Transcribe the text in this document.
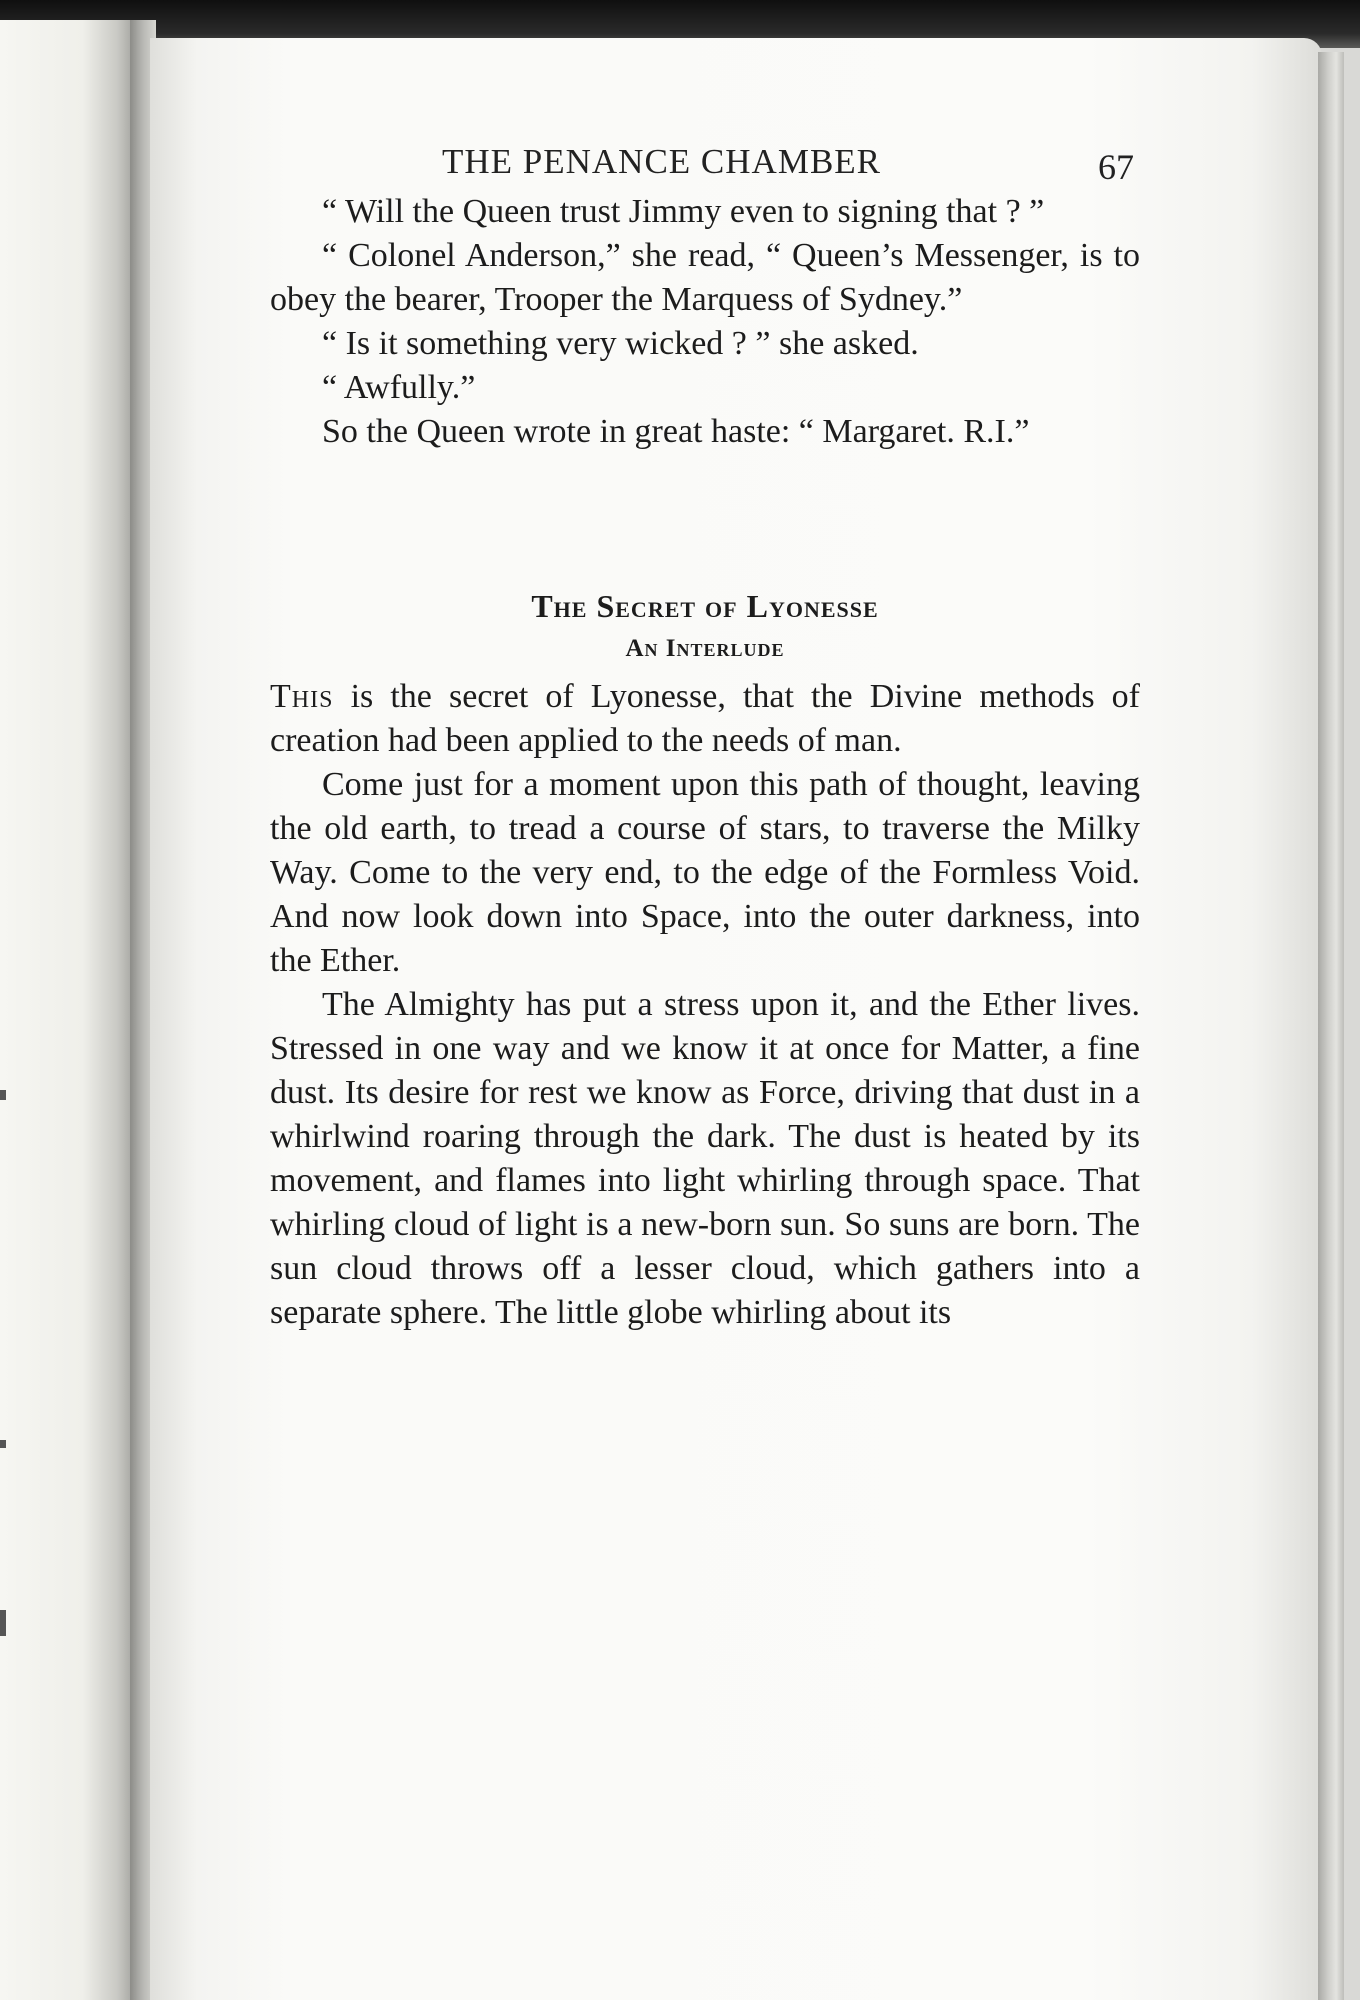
THE PENANCE CHAMBER	67

“ Will the Queen trust Jimmy even to signing that ? ”

“ Colonel Anderson,” she read, “ Queen’s Messenger, is to obey the bearer, Trooper the Marquess of Sydney.”

“ Is it something very wicked ? ” she asked.

“ Awfully.”

So the Queen wrote in great haste: “ Margaret. R.I.”

The Secret of Lyonesse
An Interlude

This is the secret of Lyonesse, that the Divine methods of creation had been applied to the needs of man.

Come just for a moment upon this path of thought, leaving the old earth, to tread a course of stars, to traverse the Milky Way. Come to the very end, to the edge of the Formless Void. And now look down into Space, into the outer darkness, into the Ether.

The Almighty has put a stress upon it, and the Ether lives. Stressed in one way and we know it at once for Matter, a fine dust. Its desire for rest we know as Force, driving that dust in a whirlwind roaring through the dark. The dust is heated by its movement, and flames into light whirling through space. That whirling cloud of light is a new-born sun. So suns are born. The sun cloud throws off a lesser cloud, which gathers into a separate sphere. The little globe whirling about its
